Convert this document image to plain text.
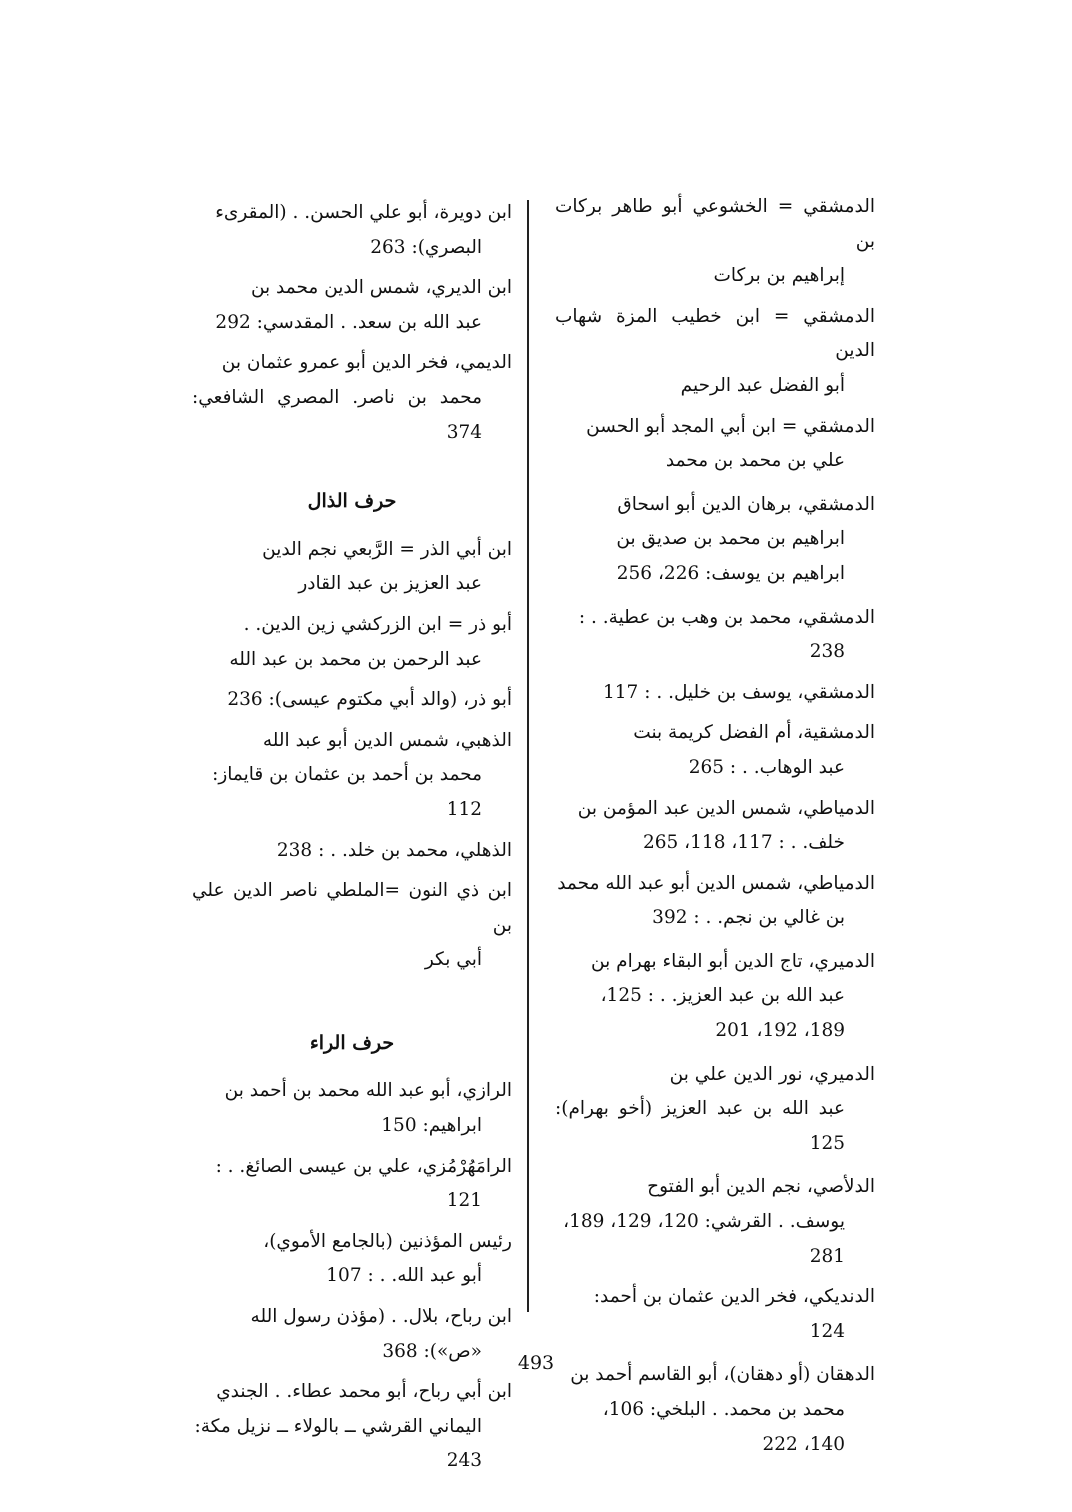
الدمشقي = الخشوعي أبو طاهر بركات بن
إبراهيم بن بركات
الدمشقي = ابن خطيب المزة شهاب الدين
أبو الفضل عبد الرحيم
الدمشقي = ابن أبي المجد أبو الحسن
علي بن محمد بن محمد
الدمشقي، برهان الدين أبو اسحاق
ابراهيم بن محمد بن صديق بن
ابراهيم بن يوسف: 226، 256
الدمشقي، محمد بن وهب بن عطية. . :
238
الدمشقي، يوسف بن خليل. . : 117
الدمشقية، أم الفضل كريمة بنت
عبد الوهاب. . : 265
الدمياطي، شمس الدين عبد المؤمن بن
خلف. . : 117، 118، 265
الدمياطي، شمس الدين أبو عبد الله محمد
بن غالي بن نجم. . : 392
الدميري، تاج الدين أبو البقاء بهرام بن
عبد الله بن عبد العزيز. . : 125،
189، 192، 201
الدميري، نور الدين علي بن
عبد الله بن عبد العزيز (أخو بهرام): 125
الدلأصي، نجم الدين أبو الفتوح
يوسف. . القرشي: 120، 129، 189،
281
الدنديكي، فخر الدين عثمان بن أحمد:
124
الدهقان (أو دهقان)، أبو القاسم أحمد بن
محمد بن محمد. . البلخي: 106،
140، 222
ابن دويرة، أبو علي الحسن. . (المقرىء
البصري): 263
ابن الديري، شمس الدين محمد بن
عبد الله بن سعد. . المقدسي: 292
الديمي، فخر الدين أبو عمرو عثمان بن
محمد بن ناصر. المصري الشافعي: 374
حرف الذال
ابن أبي الذر = الرَّبعي نجم الدين
عبد العزيز بن عبد القادر
أبو ذر = ابن الزركشي زين الدين. .
عبد الرحمن بن محمد بن عبد الله
أبو ذر، (والد أبي مكتوم عيسى): 236
الذهبي، شمس الدين أبو عبد الله
محمد بن أحمد بن عثمان بن قايماز:
112
الذهلي، محمد بن خلد. . : 238
ابن ذي النون =الملطي ناصر الدين علي بن
أبي بكر
حرف الراء
الرازي، أبو عبد الله محمد بن أحمد بن
ابراهيم: 150
الرامَهُرْمُزي، علي بن عيسى الصائغ. . :
121
رئيس المؤذنين (بالجامع الأموي)،
أبو عبد الله. . : 107
ابن رباح، بلال. . (مؤذن رسول الله
«ص»): 368
ابن أبي رباح، أبو محمد عطاء. . الجندي
اليماني القرشي ــ بالولاء ــ نزيل مكة:
243
493
